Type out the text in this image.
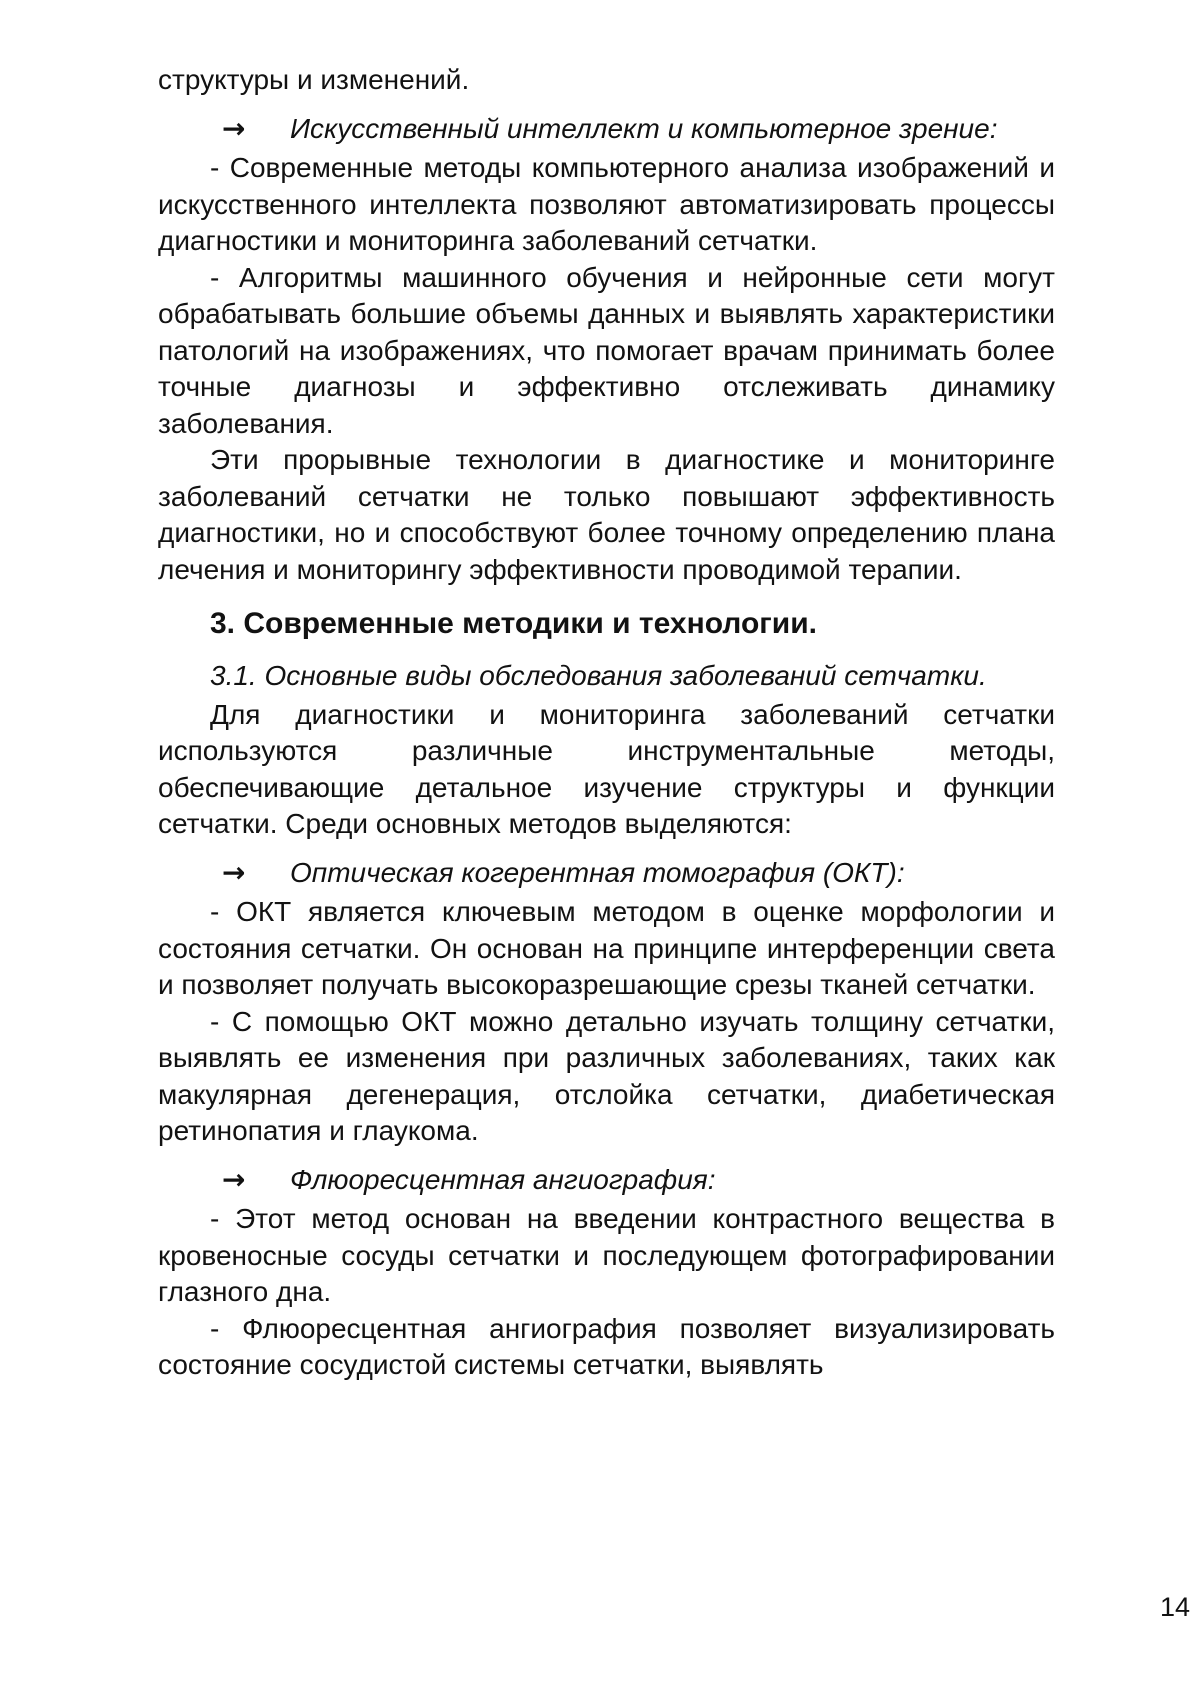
структуры и изменений.

→	Искусственный интеллект и компьютерное зрение:

- Современные методы компьютерного анализа изображений и искусственного интеллекта позволяют автоматизировать процессы диагностики и мониторинга заболеваний сетчатки.

- Алгоритмы машинного обучения и нейронные сети могут обрабатывать большие объемы данных и выявлять характеристики патологий на изображениях, что помогает врачам принимать более точные диагнозы и эффективно отслеживать динамику заболевания.

Эти прорывные технологии в диагностике и мониторинге заболеваний сетчатки не только повышают эффективность диагностики, но и способствуют более точному определению плана лечения и мониторингу эффективности проводимой терапии.

3. Современные методики и технологии.

3.1. Основные виды обследования заболеваний сетчатки.

Для диагностики и мониторинга заболеваний сетчатки используются различные инструментальные методы, обеспечивающие детальное изучение структуры и функции сетчатки. Среди основных методов выделяются:

→	Оптическая когерентная томография (ОКТ):

- ОКТ является ключевым методом в оценке морфологии и состояния сетчатки. Он основан на принципе интерференции света и позволяет получать высокоразрешающие срезы тканей сетчатки.

- С помощью ОКТ можно детально изучать толщину сетчатки, выявлять ее изменения при различных заболеваниях, таких как макулярная дегенерация, отслойка сетчатки, диабетическая ретинопатия и глаукома.

→	Флюоресцентная ангиография:

- Этот метод основан на введении контрастного вещества в кровеносные сосуды сетчатки и последующем фотографировании глазного дна.

- Флюоресцентная ангиография позволяет визуализировать состояние сосудистой системы сетчатки, выявлять

14
